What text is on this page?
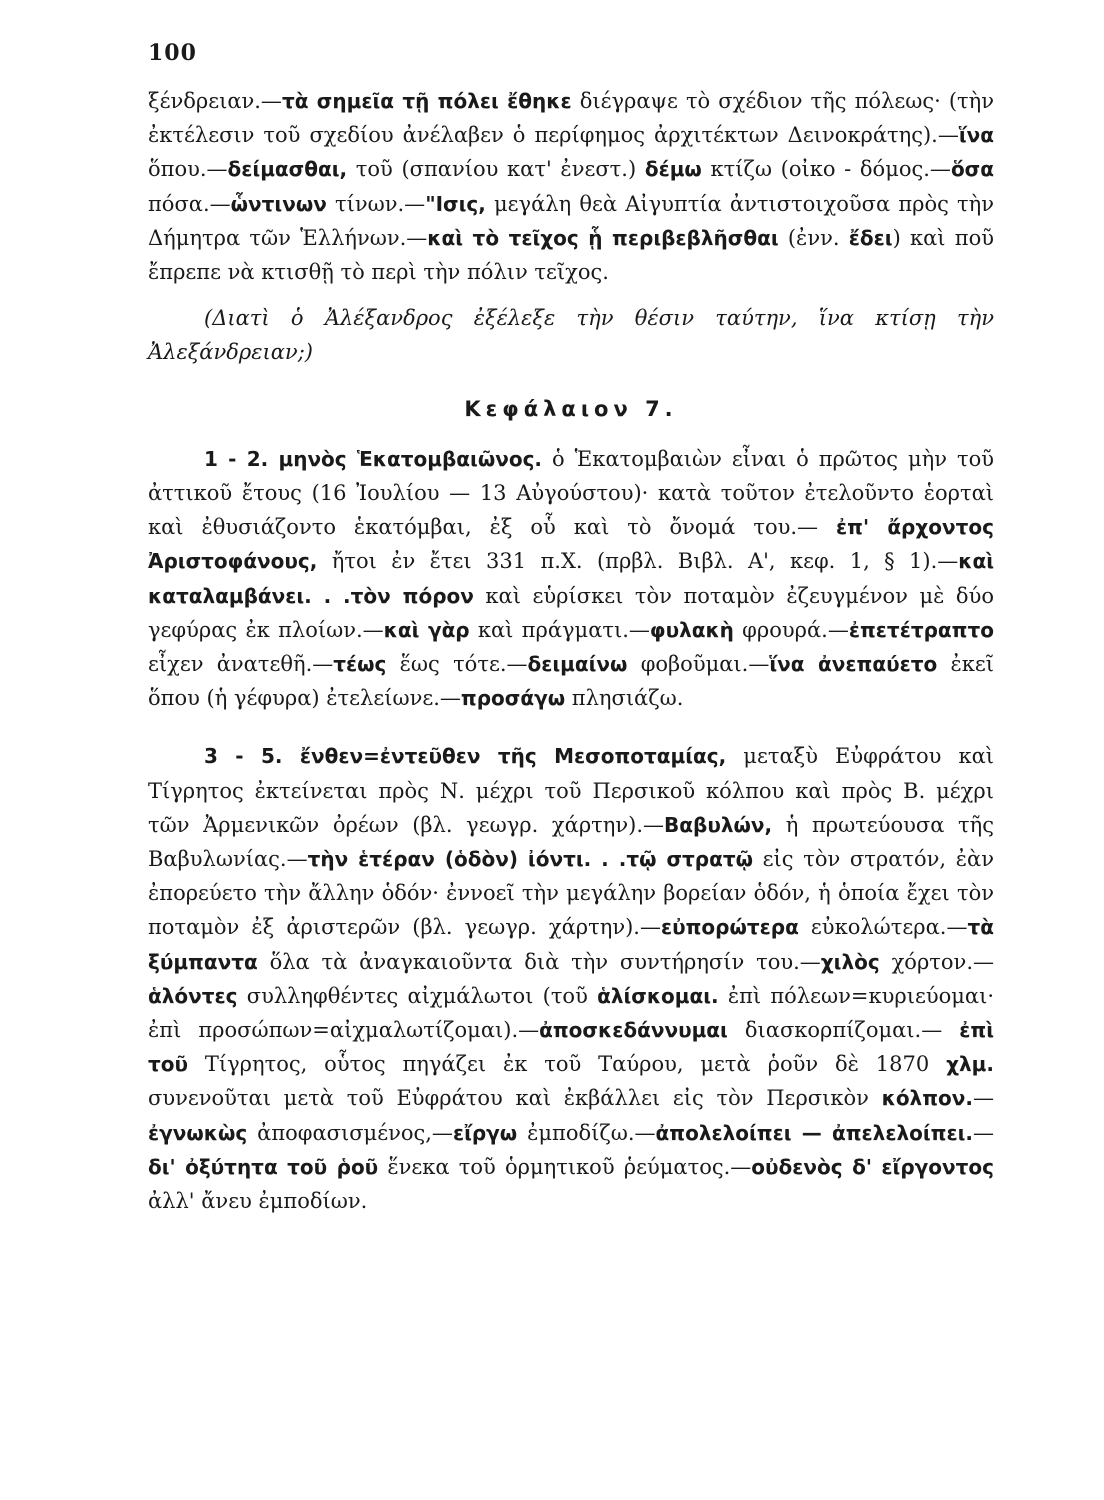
100

ξένδρειαν.—τὰ σημεῖα τῇ πόλει ἔθηκε διέγραψε τὸ σχέδιον τῆς πόλεως· (τὴν ἐκτέλεσιν τοῦ σχεδίου ἀνέλαβεν ὁ περίφημος ἀρχιτέκτων Δεινοκράτης).—ἵνα ὅπου.—δείμασθαι, τοῦ (σπανίου κατ' ἐνεστ.) δέμω κτίζω (οἰκο - δόμος.—ὅσα πόσα.—ὧντινων τίνων.—"Ισις, μεγάλη θεὰ Αἰγυπτία ἀντιστοιχοῦσα πρὸς τὴν Δήμητρα τῶν Ἑλλήνων.—καὶ τὸ τεῖχος ᾗ περιβεβλῆσθαι (ἐνν. ἔδει) καὶ ποῦ ἔπρεπε νὰ κτισθῇ τὸ περὶ τὴν πόλιν τεῖχος.

(Διατὶ ὁ Ἀλέξανδρος ἐξέλεξε τὴν θέσιν ταύτην, ἵνα κτίσῃ τὴν Ἀλεξάνδρειαν;)

Κεφάλαιον 7.

1 - 2. μηνὸς Ἑκατομβαιῶνος. ὁ Ἑκατομβαιὼν εἶναι ὁ πρῶτος μὴν τοῦ ἀττικοῦ ἔτους (16 Ἰουλίου — 13 Αὐγούστου)· κατὰ τοῦτον ἐτελοῦντο ἑορταὶ καὶ ἐθυσιάζοντο ἑκατόμβαι, ἐξ οὗ καὶ τὸ ὄνομά του.— ἐπ' ἄρχοντος Ἀριστοφάνους, ἤτοι ἐν ἔτει 331 π.Χ. (πρβλ. Βιβλ. Α', κεφ. 1, § 1).—καὶ καταλαμβάνει. . .τὸν πόρον καὶ εὑρίσκει τὸν ποταμὸν ἐζευγμένον μὲ δύο γεφύρας ἐκ πλοίων.—καὶ γὰρ καὶ πράγματι.—φυλακὴ φρουρά.—ἐπετέτραπτο εἶχεν ἀνατεθῆ.—τέως ἕως τότε.—δειμαίνω φοβοῦμαι.—ἵνα ἀνεπαύετο ἐκεῖ ὅπου (ἡ γέφυρα) ἐτελείωνε.—προσάγω πλησιάζω.

3 - 5. ἔνθεν=ἐντεῦθεν τῆς Μεσοποταμίας, μεταξὺ Εὐφράτου καὶ Τίγρητος ἐκτείνεται πρὸς Ν. μέχρι τοῦ Περσικοῦ κόλπου καὶ πρὸς Β. μέχρι τῶν Ἀρμενικῶν ὀρέων (βλ. γεωγρ. χάρτην).—Βαβυλών, ἡ πρωτεύουσα τῆς Βαβυλωνίας.—τὴν ἑτέραν (ὁδὸν) ἰόντι. . .τῷ στρατῷ εἰς τὸν στρατόν, ἐὰν ἐπορεύετο τὴν ἄλλην ὁδόν· ἐννοεῖ τὴν μεγάλην βορείαν ὁδόν, ἡ ὁποία ἔχει τὸν ποταμὸν ἐξ ἀριστερῶν (βλ. γεωγρ. χάρτην).—εὐπορώτερα εὐκολώτερα.—τὰ ξύμπαντα ὅλα τὰ ἀναγκαιοῦντα διὰ τὴν συντήρησίν του.—χιλὸς χόρτον.—ἁλόντες συλληφθέντες αἰχμάλωτοι (τοῦ ἁλίσκομαι. ἐπὶ πόλεων=κυριεύομαι· ἐπὶ προσώπων=αἰχμαλωτίζομαι).—ἀποσκεδάννυμαι διασκορπίζομαι.— ἐπὶ τοῦ Τίγρητος, οὗτος πηγάζει ἐκ τοῦ Ταύρου, μετὰ ῥοῦν δὲ 1870 χλμ. συνενοῦται μετὰ τοῦ Εὐφράτου καὶ ἐκβάλλει εἰς τὸν Περσικὸν κόλπον.— ἐγνωκὼς ἀποφασισμένος,—εἴργω ἐμποδίζω.—ἀπολελοίπει — ἀπελελοίπει.— δι' ὀξύτητα τοῦ ῥοῦ ἕνεκα τοῦ ὁρμητικοῦ ῥεύματος.—οὐδενὸς δ' εἴργοντος ἀλλ' ἄνευ ἐμποδίων.
